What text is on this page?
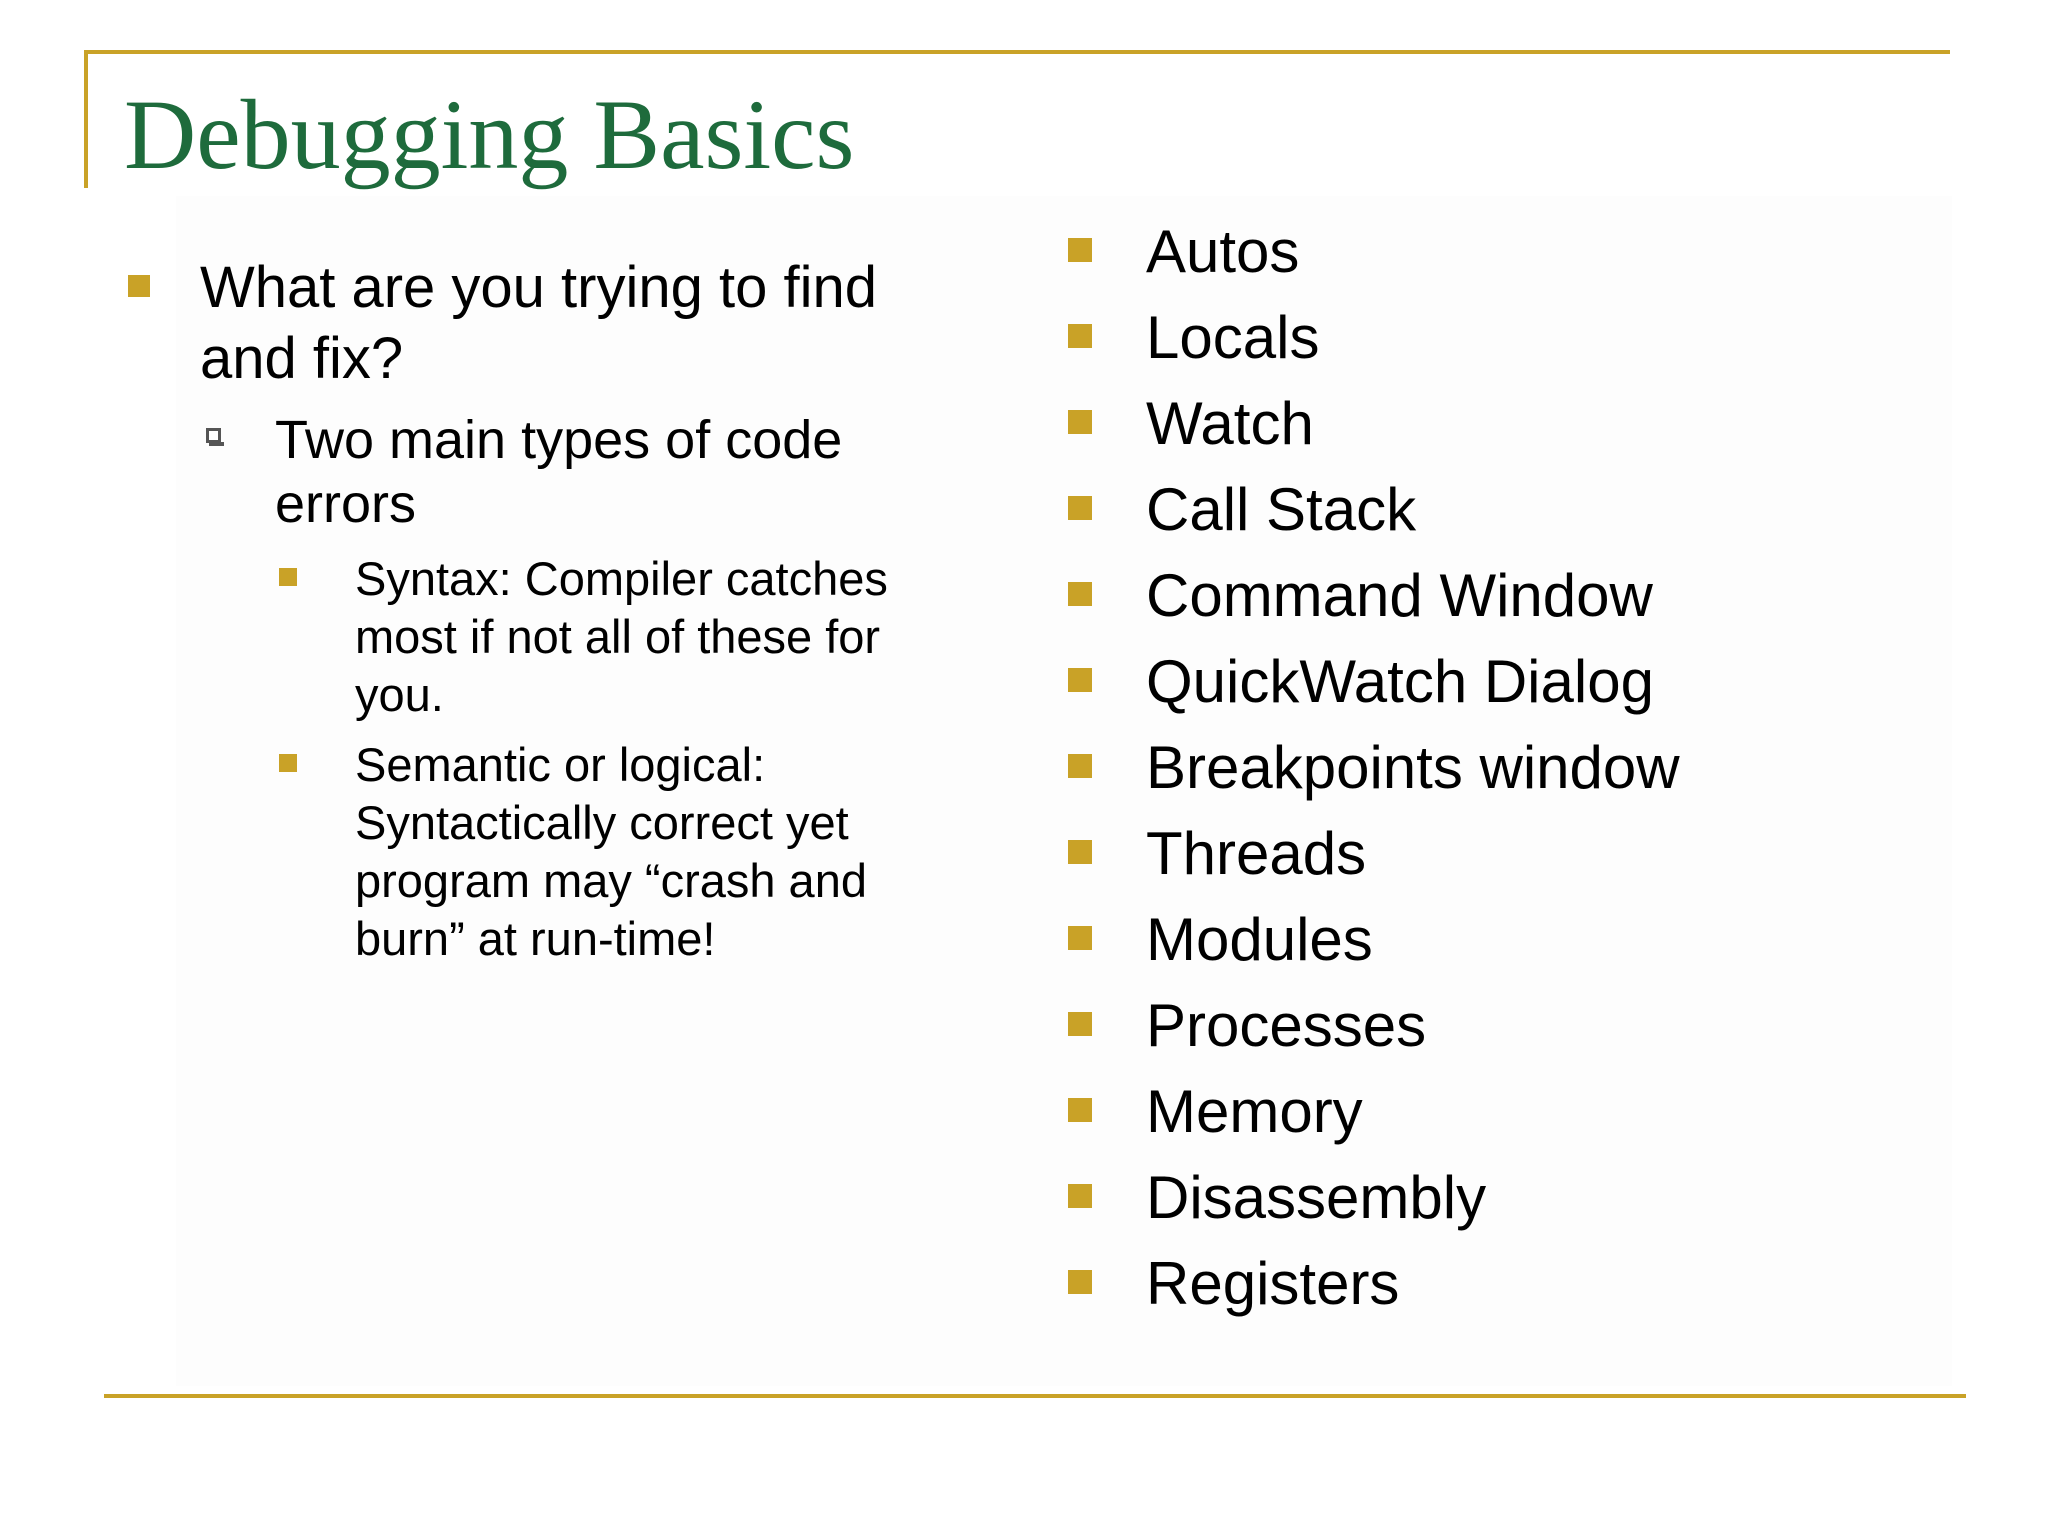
Debugging Basics
What are you trying to find and fix?
Two main types of code errors
Syntax: Compiler catches most if not all of these for you.
Semantic or logical: Syntactically correct yet program may “crash and burn” at run-time!
Autos
Locals
Watch
Call Stack
Command Window
QuickWatch Dialog
Breakpoints window
Threads
Modules
Processes
Memory
Disassembly
Registers
